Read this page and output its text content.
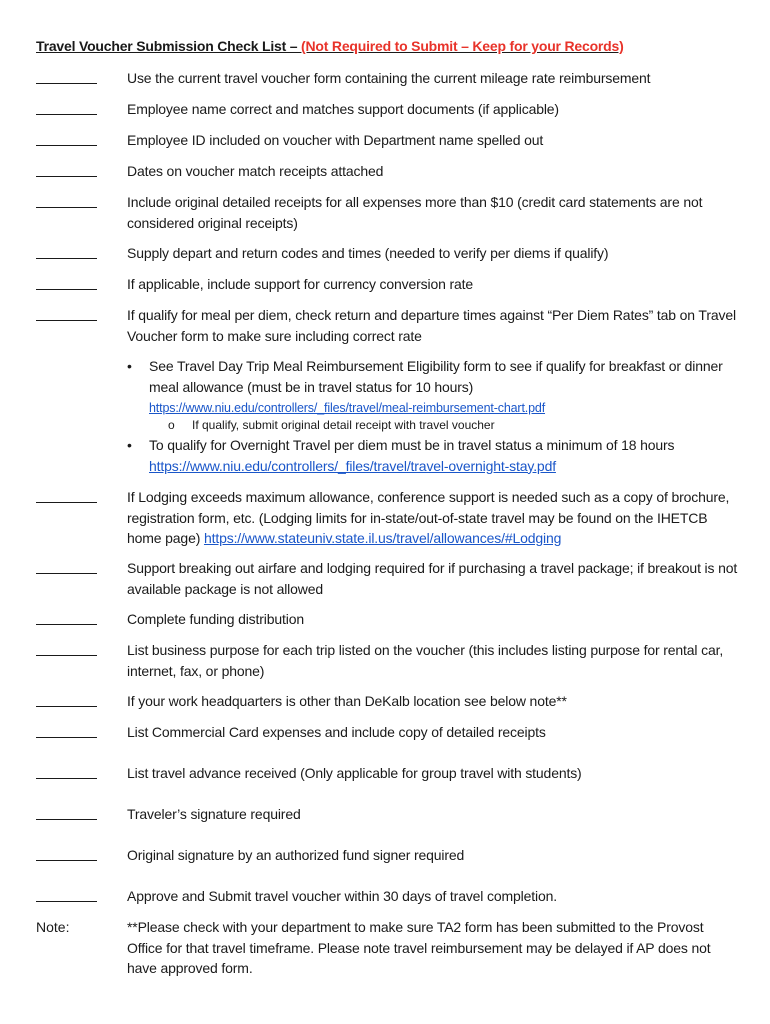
Travel Voucher Submission Check List – (Not Required to Submit – Keep for your Records)
Use the current travel voucher form containing the current mileage rate reimbursement
Employee name correct and matches support documents (if applicable)
Employee ID included on voucher with Department name spelled out
Dates on voucher match receipts attached
Include original detailed receipts for all expenses more than $10 (credit card statements are not considered original receipts)
Supply depart and return codes and times (needed to verify per diems if qualify)
If applicable, include support for currency conversion rate
If qualify for meal per diem, check return and departure times against “Per Diem Rates” tab on Travel Voucher form to make sure including correct rate
•	See Travel Day Trip Meal Reimbursement Eligibility form to see if qualify for breakfast or dinner meal allowance (must be in travel status for 10 hours)
https://www.niu.edu/controllers/_files/travel/meal-reimbursement-chart.pdf
o If qualify, submit original detail receipt with travel voucher
•	To qualify for Overnight Travel per diem must be in travel status a minimum of 18 hours
https://www.niu.edu/controllers/_files/travel/travel-overnight-stay.pdf
If Lodging exceeds maximum allowance, conference support is needed such as a copy of brochure, registration form, etc. (Lodging limits for in-state/out-of-state travel may be found on the IHETCB home page) https://www.stateuniv.state.il.us/travel/allowances/#Lodging
Support breaking out airfare and lodging required for if purchasing a travel package; if breakout is not available package is not allowed
Complete funding distribution
List business purpose for each trip listed on the voucher (this includes listing purpose for rental car, internet, fax, or phone)
If your work headquarters is other than DeKalb location see below note**
List Commercial Card expenses and include copy of detailed receipts
List travel advance received (Only applicable for group travel with students)
Traveler’s signature required
Original signature by an authorized fund signer required
Approve and Submit travel voucher within 30 days of travel completion.
Note:	**Please check with your department to make sure TA2 form has been submitted to the Provost Office for that travel timeframe. Please note travel reimbursement may be delayed if AP does not have approved form.
